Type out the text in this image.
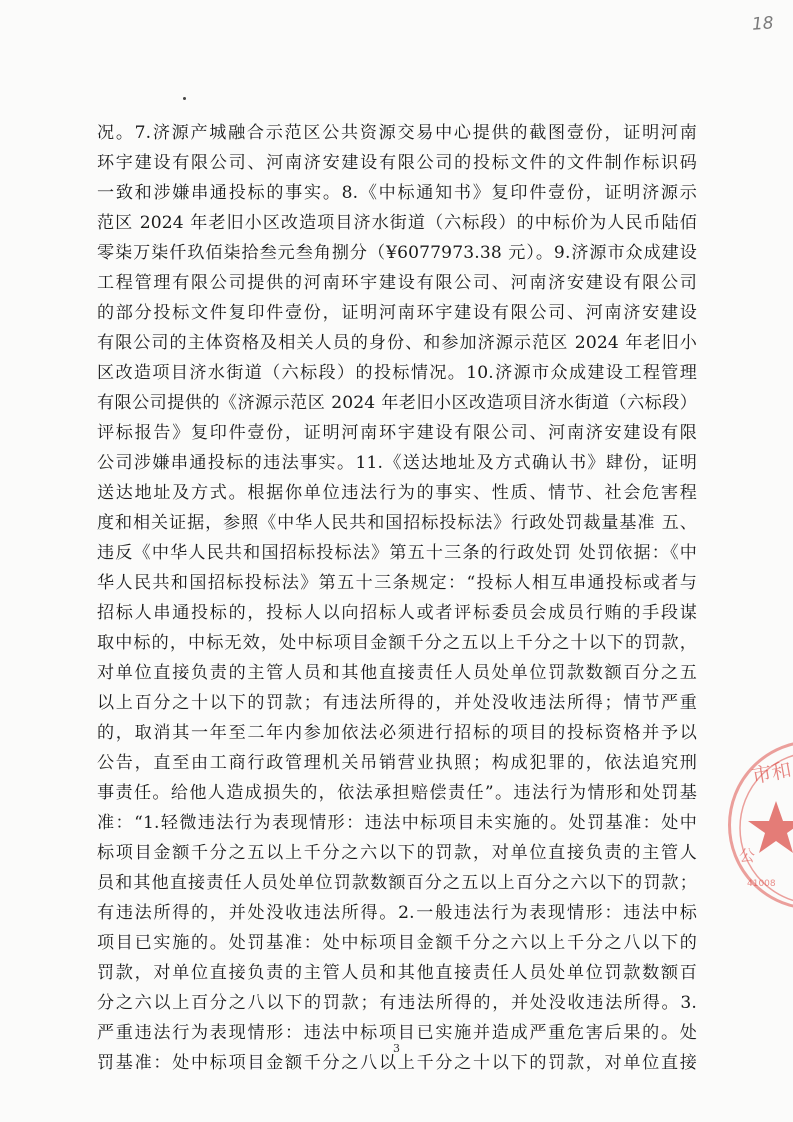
18
况。7.济源产城融合示范区公共资源交易中心提供的截图壹份，证明河南
环宇建设有限公司、河南济安建设有限公司的投标文件的文件制作标识码
一致和涉嫌串通投标的事实。8.《中标通知书》复印件壹份，证明济源示
范区 2024 年老旧小区改造项目济水街道（六标段）的中标价为人民币陆佰
零柒万柒仟玖佰柒拾叁元叁角捌分（¥6077973.38 元）。9.济源市众成建设
工程管理有限公司提供的河南环宇建设有限公司、河南济安建设有限公司
的部分投标文件复印件壹份，证明河南环宇建设有限公司、河南济安建设
有限公司的主体资格及相关人员的身份、和参加济源示范区 2024 年老旧小
区改造项目济水街道（六标段）的投标情况。10.济源市众成建设工程管理
有限公司提供的《济源示范区 2024 年老旧小区改造项目济水街道（六标段）
评标报告》复印件壹份，证明河南环宇建设有限公司、河南济安建设有限
公司涉嫌串通投标的违法事实。11.《送达地址及方式确认书》肆份，证明
送达地址及方式。根据你单位违法行为的事实、性质、情节、社会危害程
度和相关证据，参照《中华人民共和国招标投标法》行政处罚裁量基准 五、
违反《中华人民共和国招标投标法》第五十三条的行政处罚 处罚依据：《中
华人民共和国招标投标法》第五十三条规定：“投标人相互串通投标或者与
招标人串通投标的，投标人以向招标人或者评标委员会成员行贿的手段谋
取中标的，中标无效，处中标项目金额千分之五以上千分之十以下的罚款，
对单位直接负责的主管人员和其他直接责任人员处单位罚款数额百分之五
以上百分之十以下的罚款；有违法所得的，并处没收违法所得；情节严重
的，取消其一年至二年内参加依法必须进行招标的项目的投标资格并予以
公告，直至由工商行政管理机关吊销营业执照；构成犯罪的，依法追究刑
事责任。给他人造成损失的，依法承担赔偿责任”。违法行为情形和处罚基
准：“1.轻微违法行为表现情形：违法中标项目未实施的。处罚基准：处中
标项目金额千分之五以上千分之六以下的罚款，对单位直接负责的主管人
员和其他直接责任人员处单位罚款数额百分之五以上百分之六以下的罚款；
有违法所得的，并处没收违法所得。2.一般违法行为表现情形：违法中标
项目已实施的。处罚基准：处中标项目金额千分之六以上千分之八以下的
罚款，对单位直接负责的主管人员和其他直接责任人员处单位罚款数额百
分之六以上百分之八以下的罚款；有违法所得的，并处没收违法所得。3.
严重违法行为表现情形：违法中标项目已实施并造成严重危害后果的。处
罚基准：处中标项目金额千分之八以上千分之十以下的罚款，对单位直接
市和
公
41008
3
